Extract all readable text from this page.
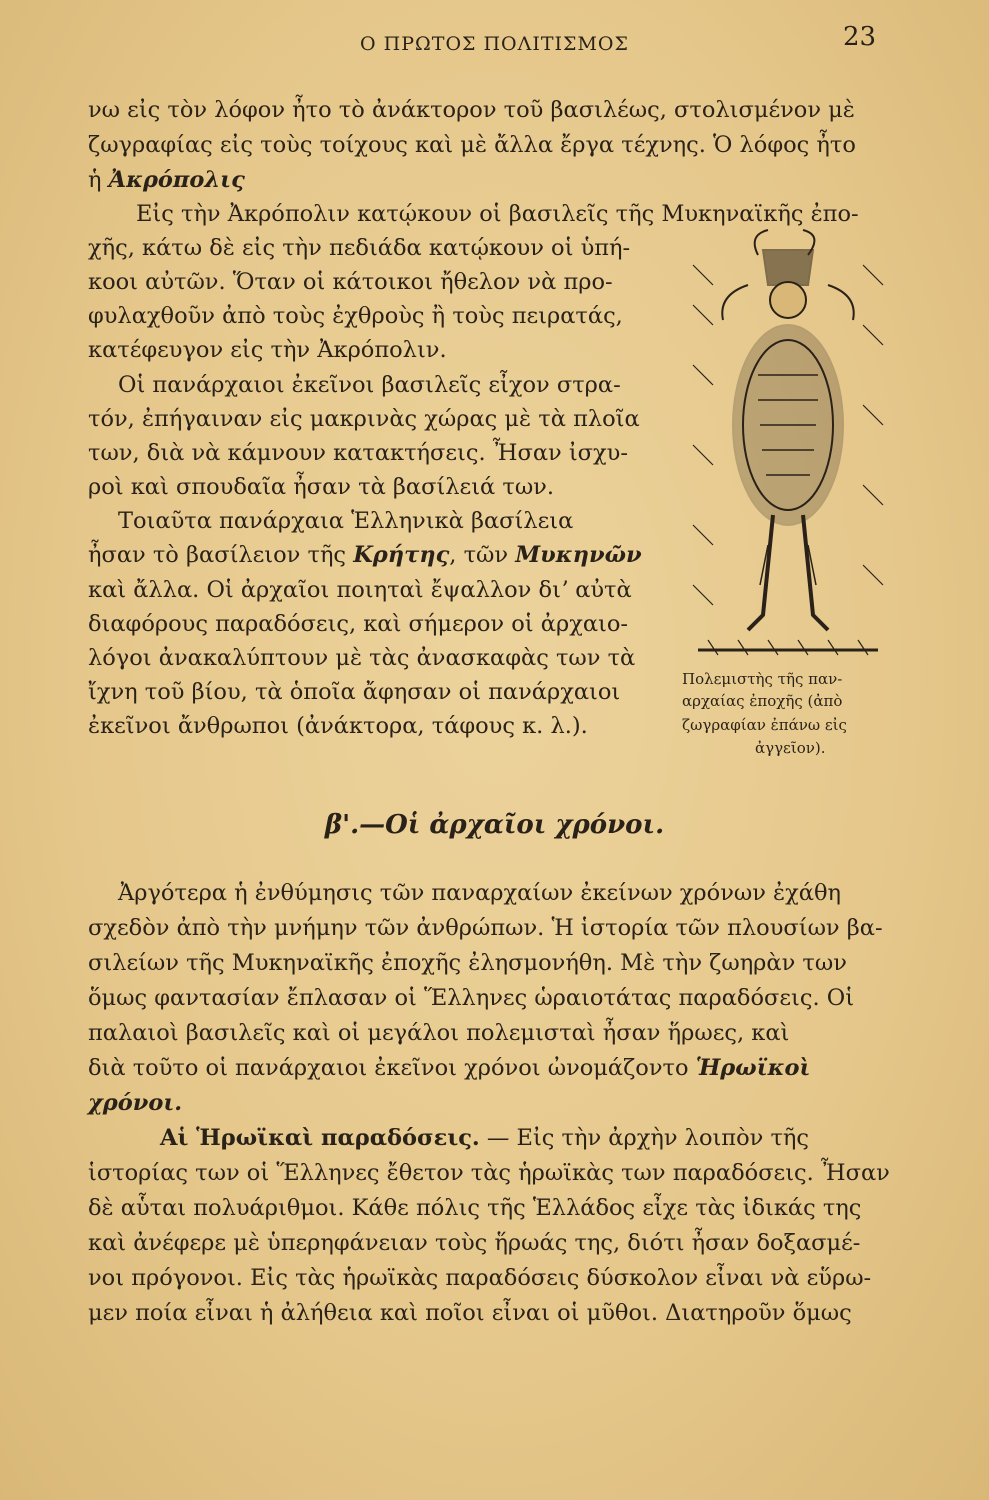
Ο ΠΡΩΤΟΣ ΠΟΛΙΤΙΣΜΟΣ	23
νω εἰς τὸν λόφον ἦτο τὸ ἀνάκτορον τοῦ βασιλέως, στολισμένον μὲ
ζωγραφίας εἰς τοὺς τοίχους καὶ μὲ ἄλλα ἔργα τέχνης. Ὁ λόφος ἦτο
ἡ Ἀκρόπολις
Εἰς τὴν Ἀκρόπολιν κατῴκουν οἱ βασιλεῖς τῆς Μυκηναϊκῆς ἐπο-
χῆς, κάτω δὲ εἰς τὴν πεδιάδα κατῴκουν οἱ ὑπή-
κοοι αὐτῶν. Ὅταν οἱ κάτοικοι ἤθελον νὰ προ-
φυλαχθοῦν ἀπὸ τοὺς ἐχθροὺς ἢ τοὺς πειρατάς,
κατέφευγον εἰς τὴν Ἀκρόπολιν.
Οἱ πανάρχαιοι ἐκεῖνοι βασιλεῖς εἶχον στρα-
τόν, ἐπήγαιναν εἰς μακρινὰς χώρας μὲ τὰ πλοῖα
των, διὰ νὰ κάμνουν κατακτήσεις. Ἦσαν ἰσχυ-
ροὶ καὶ σπουδαῖα ἦσαν τὰ βασίλειά των.
Τοιαῦτα πανάρχαια Ἑλληνικὰ βασίλεια
ἦσαν τὸ βασίλειον τῆς Κρήτης, τῶν Μυκηνῶν
καὶ ἄλλα. Οἱ ἀρχαῖοι ποιηταὶ ἔψαλλον διʼ αὐτὰ
διαφόρους παραδόσεις, καὶ σήμερον οἱ ἀρχαιο-
λόγοι ἀνακαλύπτουν μὲ τὰς ἀνασκαφὰς των τὰ
ἴχνη τοῦ βίου, τὰ ὁποῖα ἄφησαν οἱ πανάρχαιοι
ἐκεῖνοι ἄνθρωποι (ἀνάκτορα, τάφους κ. λ.).
Πολεμιστὴς τῆς παν-
αρχαίας ἐποχῆς (ἀπὸ
ζωγραφίαν ἐπάνω εἰς
ἀγγεῖον).
β'.—Οἱ ἀρχαῖοι χρόνοι.
Ἀργότερα ἡ ἐνθύμησις τῶν παναρχαίων ἐκείνων χρόνων ἐχάθη
σχεδὸν ἀπὸ τὴν μνήμην τῶν ἀνθρώπων. Ἡ ἱστορία τῶν πλουσίων βα-
σιλείων τῆς Μυκηναϊκῆς ἐποχῆς ἐλησμονήθη. Μὲ τὴν ζωηρὰν των
ὅμως φαντασίαν ἔπλασαν οἱ Ἕλληνες ὡραιοτάτας παραδόσεις. Οἱ
παλαιοὶ βασιλεῖς καὶ οἱ μεγάλοι πολεμισταὶ ἦσαν ἥρωες, καὶ
διὰ τοῦτο οἱ πανάρχαιοι ἐκεῖνοι χρόνοι ὠνομάζοντο Ἡρωϊκοὶ
χρόνοι.
Αἱ Ἡρωϊκαὶ παραδόσεις. — Εἰς τὴν ἀρχὴν λοιπὸν τῆς
ἱστορίας των οἱ Ἕλληνες ἔθετον τὰς ἡρωϊκὰς των παραδόσεις. Ἦσαν
δὲ αὗται πολυάριθμοι. Κάθε πόλις τῆς Ἑλλάδος εἶχε τὰς ἰδικάς της
καὶ ἀνέφερε μὲ ὑπερηφάνειαν τοὺς ἥρωάς της, διότι ἦσαν δοξασμέ-
νοι πρόγονοι. Εἰς τὰς ἡρωϊκὰς παραδόσεις δύσκολον εἶναι νὰ εὕρω-
μεν ποία εἶναι ἡ ἀλήθεια καὶ ποῖοι εἶναι οἱ μῦθοι. Διατηροῦν ὅμως
